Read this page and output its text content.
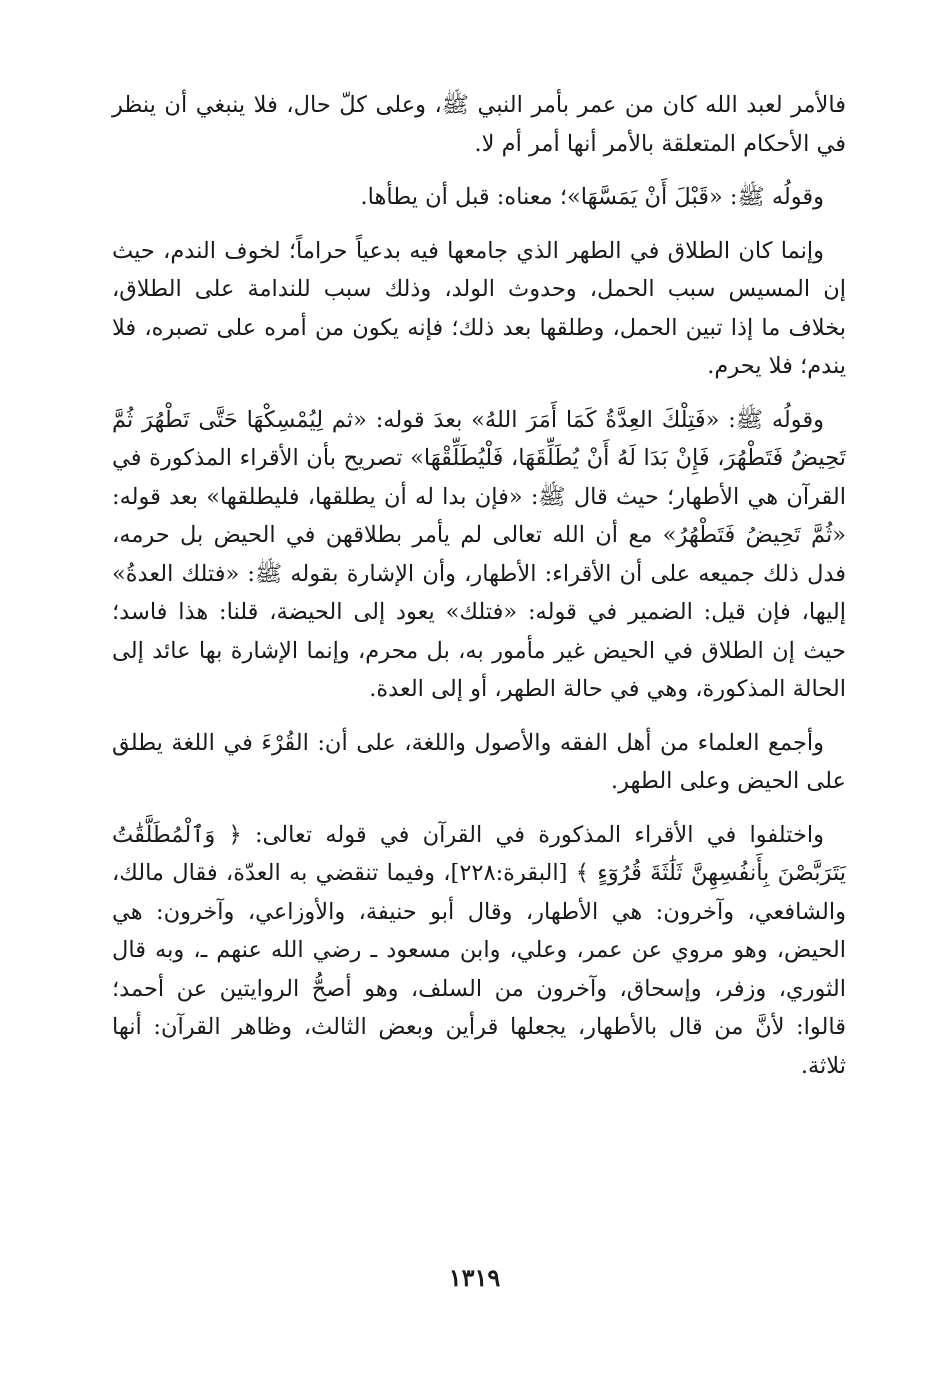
فالأمر لعبد الله كان من عمر بأمر النبي ﷺ، وعلى كلّ حال، فلا ينبغي أن ينظر في الأحكام المتعلقة بالأمر أنها أمر أم لا.

وقولُه ﷺ: «قَبْلَ أَنْ يَمَسَّهَا»؛ معناه: قبل أن يطأها.

وإنما كان الطلاق في الطهر الذي جامعها فيه بدعياً حراماً؛ لخوف الندم، حيث إن المسيس سبب الحمل، وحدوث الولد، وذلك سبب للندامة على الطلاق، بخلاف ما إذا تبين الحمل، وطلقها بعد ذلك؛ فإنه يكون من أمره على تصبره، فلا يندم؛ فلا يحرم.

وقولُه ﷺ: «فَتِلْكَ العِدَّةُ كَمَا أَمَرَ اللهُ» بعدَ قوله: «ثم لِيُمْسِكْهَا حَتَّى تَطْهُرَ ثُمَّ تَحِيضُ فَتَطْهُرَ، فَإِنْ بَدَا لَهُ أَنْ يُطَلِّقَهَا، فَلْيُطَلِّقْهَا» تصريح بأن الأقراء المذكورة في القرآن هي الأطهار؛ حيث قال ﷺ: «فإن بدا له أن يطلقها، فليطلقها» بعد قوله: «ثُمَّ تَحِيضُ فَتَطْهُرُ» مع أن الله تعالى لم يأمر بطلاقهن في الحيض بل حرمه، فدل ذلك جميعه على أن الأقراء: الأطهار، وأن الإشارة بقوله ﷺ: «فتلك العدةُ» إليها، فإن قيل: الضمير في قوله: «فتلك» يعود إلى الحيضة، قلنا: هذا فاسد؛ حيث إن الطلاق في الحيض غير مأمور به، بل محرم، وإنما الإشارة بها عائد إلى الحالة المذكورة، وهي في حالة الطهر، أو إلى العدة.

وأجمع العلماء من أهل الفقه والأصول واللغة، على أن: القُرْءَ في اللغة يطلق على الحيض وعلى الطهر.

واختلفوا في الأقراء المذكورة في القرآن في قوله تعالى: ﴿ وَٱلْمُطَلَّقَٰتُ يَتَرَبَّصْنَ بِأَنفُسِهِنَّ ثَلَٰثَةَ قُرُوٓءٍ ﴾ [البقرة:٢٢٨]، وفيما تنقضي به العدّة، فقال مالك، والشافعي، وآخرون: هي الأطهار، وقال أبو حنيفة، والأوزاعي، وآخرون: هي الحيض، وهو مروي عن عمر، وعلي، وابن مسعود ـ رضي الله عنهم ـ، وبه قال الثوري، وزفر، وإسحاق، وآخرون من السلف، وهو أصحُّ الروايتين عن أحمد؛ قالوا: لأنَّ من قال بالأطهار، يجعلها قرأين وبعض الثالث، وظاهر القرآن: أنها ثلاثة.

١٣١٩
